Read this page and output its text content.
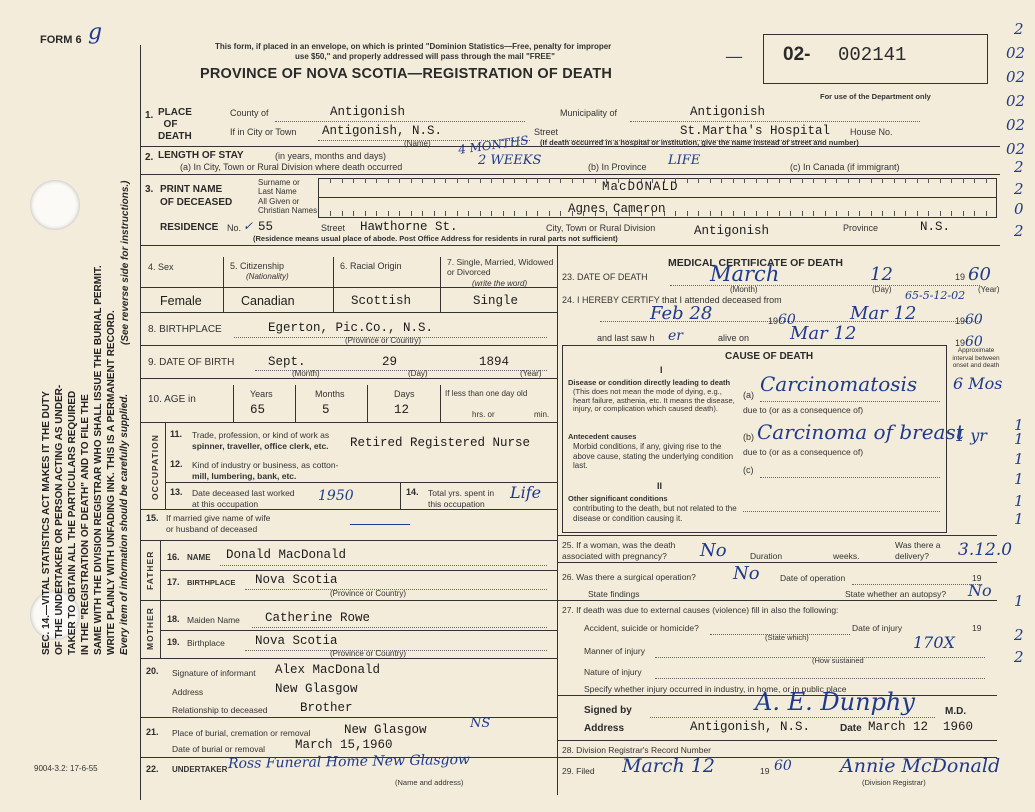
SEC. 14.—VITAL STATISTICS ACT MAKES IT THE DUTY OF THE UNDERTAKER OR PERSON ACTING AS UNDER- TAKER TO OBTAIN ALL THE PARTICULARS REQUIRED IN THE "REGISTRATION OF DEATH" AND TO FILE THE SAME WITH THE DIVISION REGISTRAR WHO SHALL ISSUE THE BURIAL PERMIT. WRITE PLAINLY WITH UNFADING INK. THIS IS A PERMANENT RECORD. Every item of information should be carefully supplied.
(See reverse side for instructions.)
FORM 6 g
This form, if placed in an envelope, on which is printed "Dominion Statistics—Free, penalty for improper
use $50," and properly addressed will pass through the mail "FREE"
PROVINCE OF NOVA SCOTIA—REGISTRATION OF DEATH
02- 002141
—
For use of the Department only
2
02
02
02
02
02
2
2
0
2
1
1
1
1
1
1
2
2
1
1.
2.
3.
PLACE
OF
DEATH
County of	Antigonish	Municipality of	Antigonish
If in City or Town Antigonish, N.S.
(Name)
Street	St.Martha's Hospital House No.
(If death occurred in a hospital or institution, give the name instead of street and number)
LENGTH OF STAY	(in years, months and days)
(a) In City, Town or Rural Division where death occurred
4 MONTHS
2 WEEKS	(b) In Province LIFE	(c) In Canada (if immigrant)
PRINT NAME
OF DECEASED
Surname or
Last Name
All Given or
Christian Names
MacDONALD
Agnes Cameron
RESIDENCE No. ✓ 55	Street Hawthorne St.	City, Town or Rural Division	Antigonish	Province	N.S.
(Residence means usual place of abode. Post Office Address for residents in rural parts not sufficient)
4. Sex	5. Citizenship
(Nationality)
6. Racial Origin	7. Single, Married, Widowed or Divorced
(write the word)
Female	Canadian	Scottish	Single
8. BIRTHPLACE	Egerton, Pic.Co., N.S.
(Province or Country)
9. DATE OF BIRTH	Sept.	29	1894
(Month)	(Day)	(Year)
10. AGE in	Years	Months	Days	If less than one day old
65	5	12	hrs. or	min.
OCCUPATION
11. Trade, profession, or kind of work as
spinner, traveller, office clerk, etc. Retired Registered Nurse
12. Kind of industry or business, as cotton-
mill, lumbering, bank, etc.
13. Date deceased last worked
at this occupation	1950	14. Total yrs. spent in
this occupation
Life
15. If married give name of wife
or husband of deceased
FATHER
MOTHER
16. NAME Donald MacDonald
17. BIRTHPLACE Nova Scotia
(Province or Country)
18. Maiden Name Catherine Rowe
19. Birthplace Nova Scotia
(Province or Country)
20. Signature of informant Alex MacDonald
Address	New Glasgow
Relationship to deceased	Brother
21. Place of burial, cremation or removal	New Glasgow	NS
Date of burial or removal March 15,1960
22. UNDERTAKER Ross Funeral Home New Glasgow
(Name and address)
9004-3.2: 17-6-55
MEDICAL CERTIFICATE OF DEATH
23. DATE OF DEATH	March	12	19 60
(Month)	(Day)	(Year)
24. I HEREBY CERTIFY that I attended deceased from	65-5-12-02
Feb 28	1960	Mar 12	1960
and last saw h er	alive on Mar 12	1960
CAUSE OF DEATH
Approximate interval between onset and death
I
Disease or condition directly leading to death
(This does not mean the mode of dying, e.g., heart failure, asthenia, etc. It means the disease, injury, or complication which caused death).
(a) Carcinomatosis 6 Mos
due to (or as a consequence of)
Antecedent causes
Morbid conditions, if any, giving rise to the above cause, stating the underlying condition last.
(b) Carcinoma of breast
1 yr
due to (or as a consequence of)
(c)
II
Other significant conditions
contributing to the death, but not related to the disease or condition causing it.
25. If a woman, was the death associated with pregnancy?	No	Duration	weeks.
Was there a delivery?	3.12.0
26. Was there a surgical operation? No Date of operation	19
State findings	State whether an autopsy? No
27. If death was due to external causes (violence) fill in also the following:
Accident, suicide or homicide?
(State which)
Date of injury	19
Manner of injury
(How sustained
170X
Nature of injury
Specify whether injury occurred in industry, in home, or in public place
Signed by	A. E. Dunphy	M.D.
Address	Antigonish, N.S.	Date March 12 1960
28. Division Registrar's Record Number
29. Filed March 12	19 60	Annie McDonald
(Division Registrar)
